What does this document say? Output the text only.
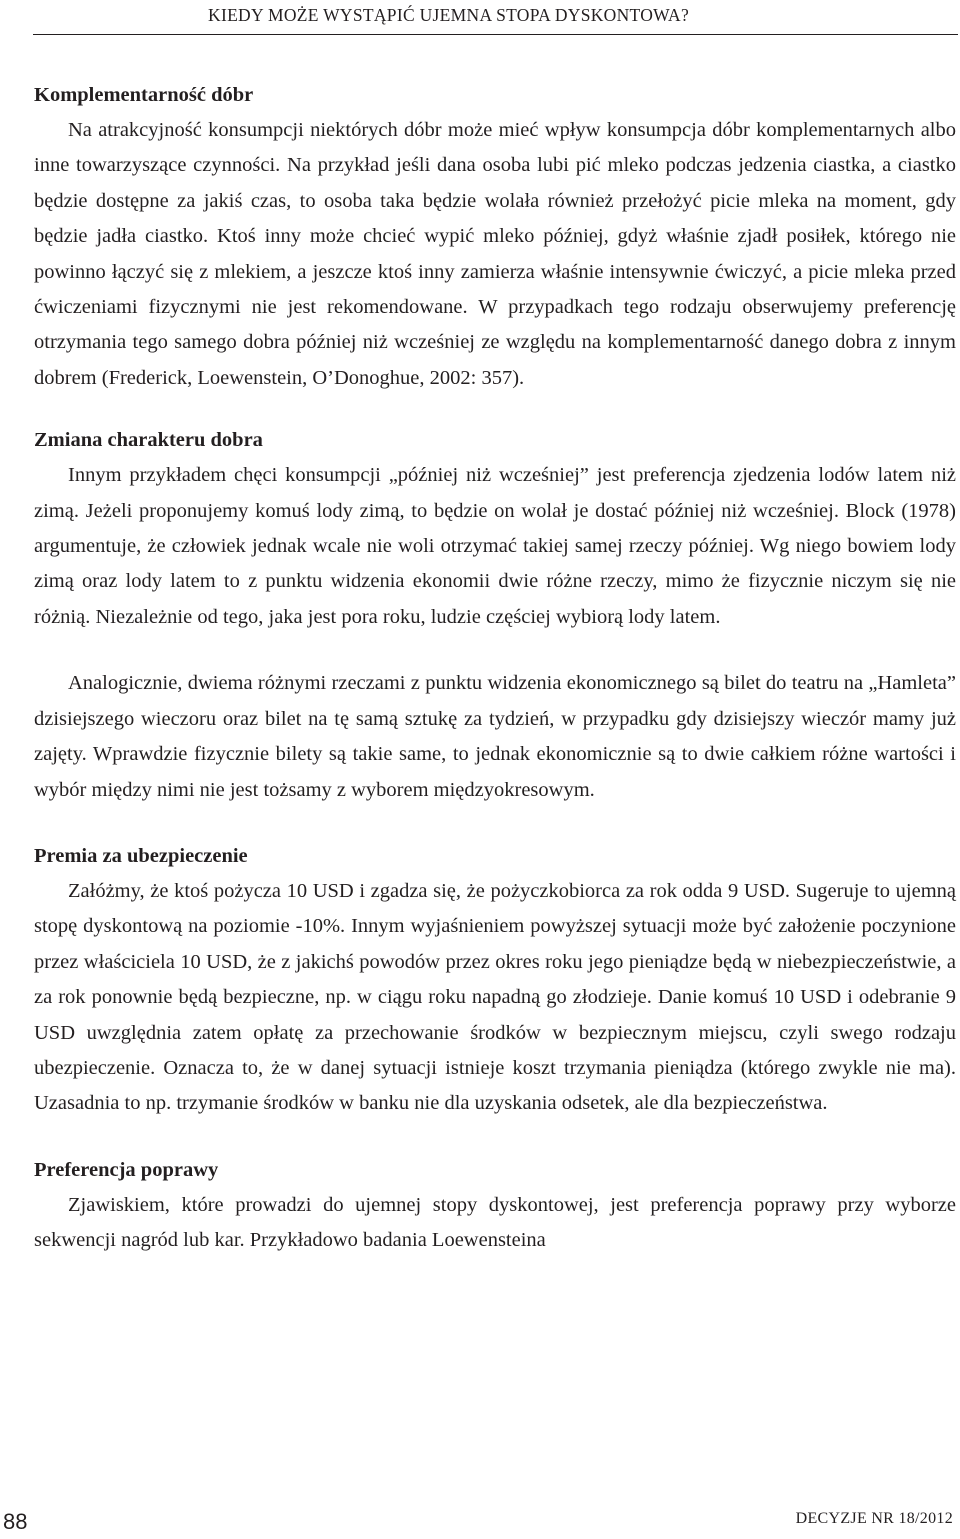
KIEDY MOŻE WYSTĄPIĆ UJEMNA STOPA DYSKONTOWA?
Komplementarność dóbr

Na atrakcyjność konsumpcji niektórych dóbr może mieć wpływ konsumpcja dóbr komplementarnych albo inne towarzyszące czynności. Na przykład jeśli dana osoba lubi pić mleko podczas jedzenia ciastka, a ciastko będzie dostępne za jakiś czas, to osoba taka będzie wolała również przełożyć picie mleka na moment, gdy będzie jadła ciastko. Ktoś inny może chcieć wypić mleko później, gdyż właśnie zjadł posiłek, którego nie powinno łączyć się z mlekiem, a jeszcze ktoś inny zamierza właśnie intensywnie ćwiczyć, a picie mleka przed ćwiczeniami fizycznymi nie jest rekomendowane. W przypadkach tego rodzaju obserwujemy preferencję otrzymania tego samego dobra później niż wcześniej ze względu na komplementarność danego dobra z innym dobrem (Frederick, Loewenstein, O’Donoghue, 2002: 357).

Zmiana charakteru dobra

Innym przykładem chęci konsumpcji „później niż wcześniej” jest preferencja zjedzenia lodów latem niż zimą. Jeżeli proponujemy komuś lody zimą, to będzie on wolał je dostać później niż wcześniej. Block (1978) argumentuje, że człowiek jednak wcale nie woli otrzymać takiej samej rzeczy później. Wg niego bowiem lody zimą oraz lody latem to z punktu widzenia ekonomii dwie różne rzeczy, mimo że fizycznie niczym się nie różnią. Niezależnie od tego, jaka jest pora roku, ludzie częściej wybiorą lody latem.

Analogicznie, dwiema różnymi rzeczami z punktu widzenia ekonomicznego są bilet do teatru na „Hamleta” dzisiejszego wieczoru oraz bilet na tę samą sztukę za tydzień, w przypadku gdy dzisiejszy wieczór mamy już zajęty. Wprawdzie fizycznie bilety są takie same, to jednak ekonomicznie są to dwie całkiem różne wartości i wybór między nimi nie jest tożsamy z wyborem międzyokresowym.

Premia za ubezpieczenie

Załóżmy, że ktoś pożycza 10 USD i zgadza się, że pożyczkobiorca za rok odda 9 USD. Sugeruje to ujemną stopę dyskontową na poziomie -10%. Innym wyjaśnieniem powyższej sytuacji może być założenie poczynione przez właściciela 10 USD, że z jakichś powodów przez okres roku jego pieniądze będą w niebezpieczeństwie, a za rok ponownie będą bezpieczne, np. w ciągu roku napadną go złodzieje. Danie komuś 10 USD i odebranie 9 USD uwzględnia zatem opłatę za przechowanie środków w bezpiecznym miejscu, czyli swego rodzaju ubezpieczenie. Oznacza to, że w danej sytuacji istnieje koszt trzymania pieniądza (którego zwykle nie ma). Uzasadnia to np. trzymanie środków w banku nie dla uzyskania odsetek, ale dla bezpieczeństwa.

Preferencja poprawy

Zjawiskiem, które prowadzi do ujemnej stopy dyskontowej, jest preferencja poprawy przy wyborze sekwencji nagród lub kar. Przykładowo badania Loewensteina

88	DECYZJE NR 18/2012
